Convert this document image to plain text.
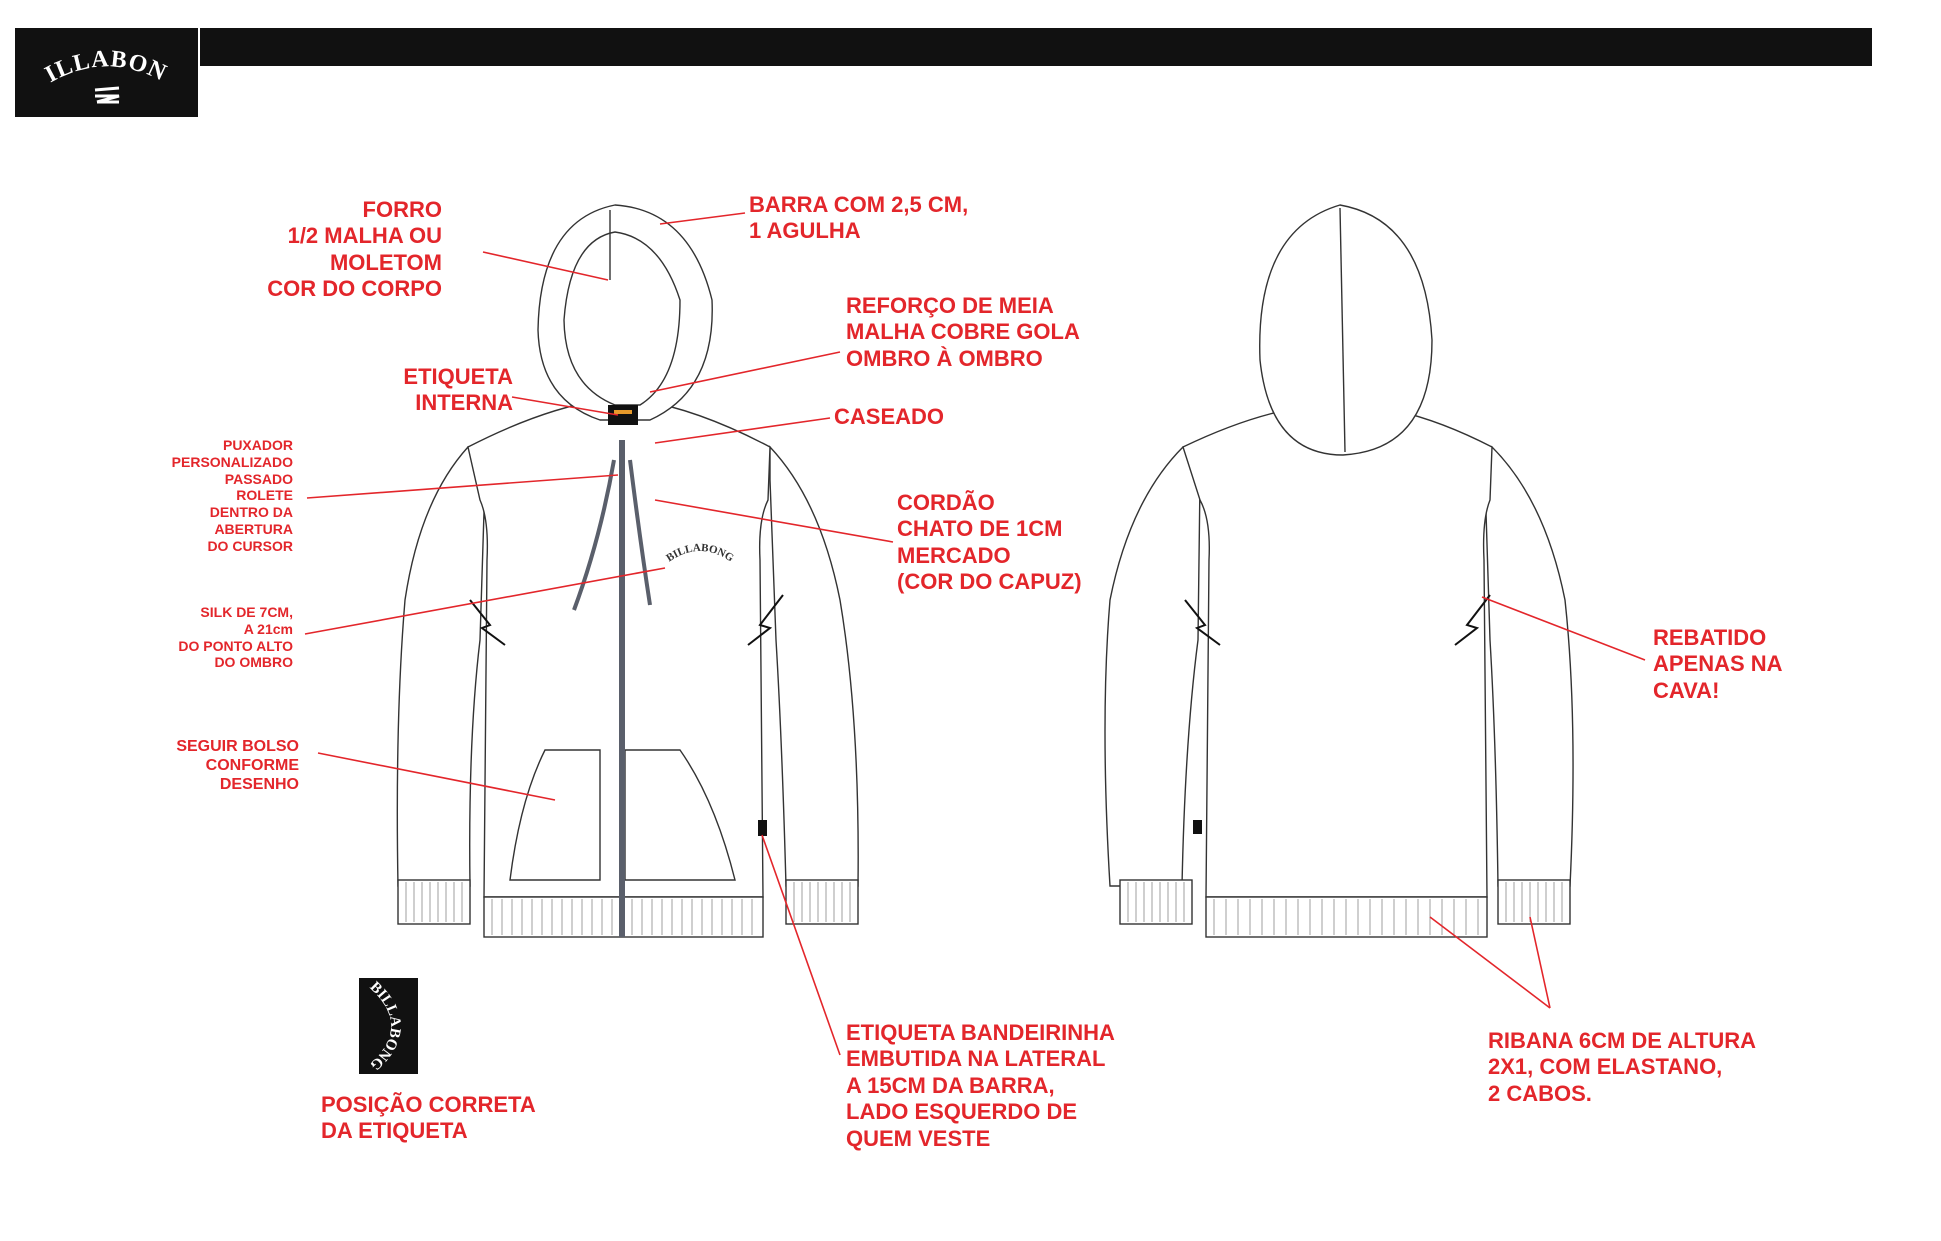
ILLABON
BILLABONG
BILLABONG
FORRO
1/2 MALHA OU
MOLETOM
COR DO CORPO
BARRA COM 2,5 CM,
1 AGULHA
REFORÇO DE MEIA
MALHA COBRE GOLA
OMBRO À OMBRO
ETIQUETA
INTERNA
CASEADO
PUXADOR
PERSONALIZADO
PASSADO
ROLETE
DENTRO DA
ABERTURA
DO CURSOR
CORDÃO
CHATO DE 1CM
MERCADO
(COR DO CAPUZ)
SILK DE 7CM,
A 21cm
DO PONTO ALTO
DO OMBRO
SEGUIR BOLSO
CONFORME
DESENHO
REBATIDO
APENAS NA
CAVA!
POSIÇÃO CORRETA
DA ETIQUETA
ETIQUETA BANDEIRINHA
EMBUTIDA NA LATERAL
A 15CM DA BARRA,
LADO ESQUERDO DE
QUEM VESTE
RIBANA 6CM DE ALTURA
2X1, COM ELASTANO,
2 CABOS.
